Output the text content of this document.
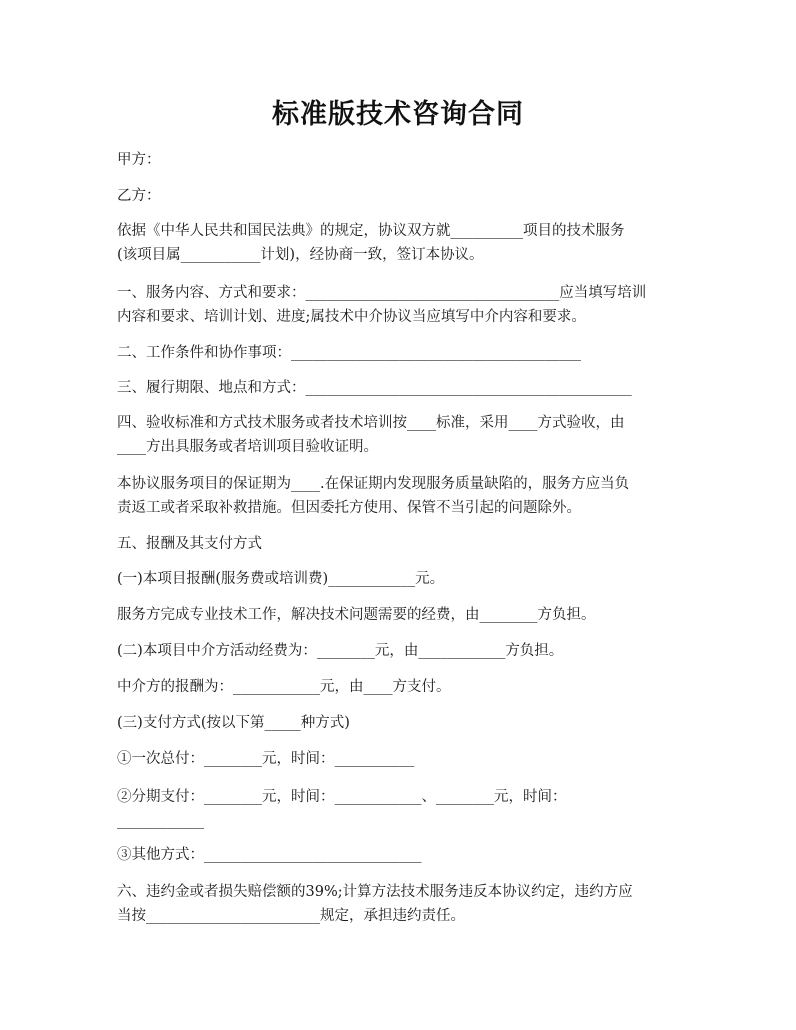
标准版技术咨询合同
甲方：
乙方：
依据《中华人民共和国民法典》的规定，协议双方就__________项目的技术服务
(该项目属___________计划)，经协商一致，签订本协议。
一、服务内容、方式和要求：___________________________________应当填写培训
内容和要求、培训计划、进度;属技术中介协议当应填写中介内容和要求。
二、工作条件和协作事项：________________________________________
三、履行期限、地点和方式：_____________________________________________
四、验收标准和方式技术服务或者技术培训按____标准，采用____方式验收，由
____方出具服务或者培训项目验收证明。
本协议服务项目的保证期为____.在保证期内发现服务质量缺陷的，服务方应当负
责返工或者采取补救措施。但因委托方使用、保管不当引起的问题除外。
五、报酬及其支付方式
(一)本项目报酬(服务费或培训费)____________元。
服务方完成专业技术工作，解决技术问题需要的经费，由________方负担。
(二)本项目中介方活动经费为：________元，由____________方负担。
中介方的报酬为：____________元，由____方支付。
(三)支付方式(按以下第_____种方式)
①一次总付：________元，时间：___________
②分期支付：________元，时间：____________、________元，时间：
____________
③其他方式：______________________________
六、违约金或者损失赔偿额的39%;计算方法技术服务违反本协议约定，违约方应
当按________________________规定，承担违约责任。
